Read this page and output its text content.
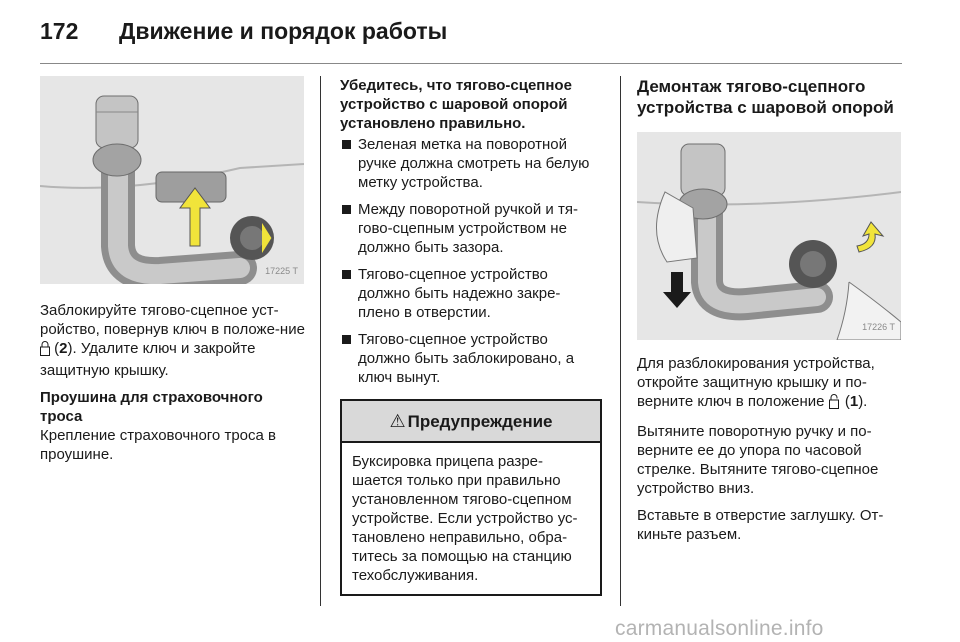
172 Движение и порядок работы
17225 T

Заблокируйте тягово-сцепное уст-ройство, повернув ключ в положе-ние  (2). Удалите ключ и закройте защитную крышку.

Проушина для страховочного троса

Крепление страховочного троса в проушине.

Убедитесь, что тягово-сцепное устройство с шаровой опорой установлено правильно.
Зеленая метка на поворотной ручке должна смотреть на белую метку устройства.
Между поворотной ручкой и тя-гово-сцепным устройством не должно быть зазора.
Тягово-сцепное устройство должно быть надежно закре-плено в отверстии.
Тягово-сцепное устройство должно быть заблокировано, а ключ вынут.
⚠ Предупреждение
Буксировка прицепа разре-шается только при правильно установленном тягово-сцепном устройстве. Если устройство ус-тановлено неправильно, обра-титесь за помощью на станцию техобслуживания.
Демонтаж тягово-сцепного устройства с шаровой опорой
17226 T

Для разблокирования устройства, откройте защитную крышку и по-верните ключ в положение  (1).

Вытяните поворотную ручку и по-верните ее до упора по часовой стрелке. Вытяните тягово-сцепное устройство вниз.

Вставьте в отверстие заглушку. От-киньте разъем.

carmanualsonline.info
